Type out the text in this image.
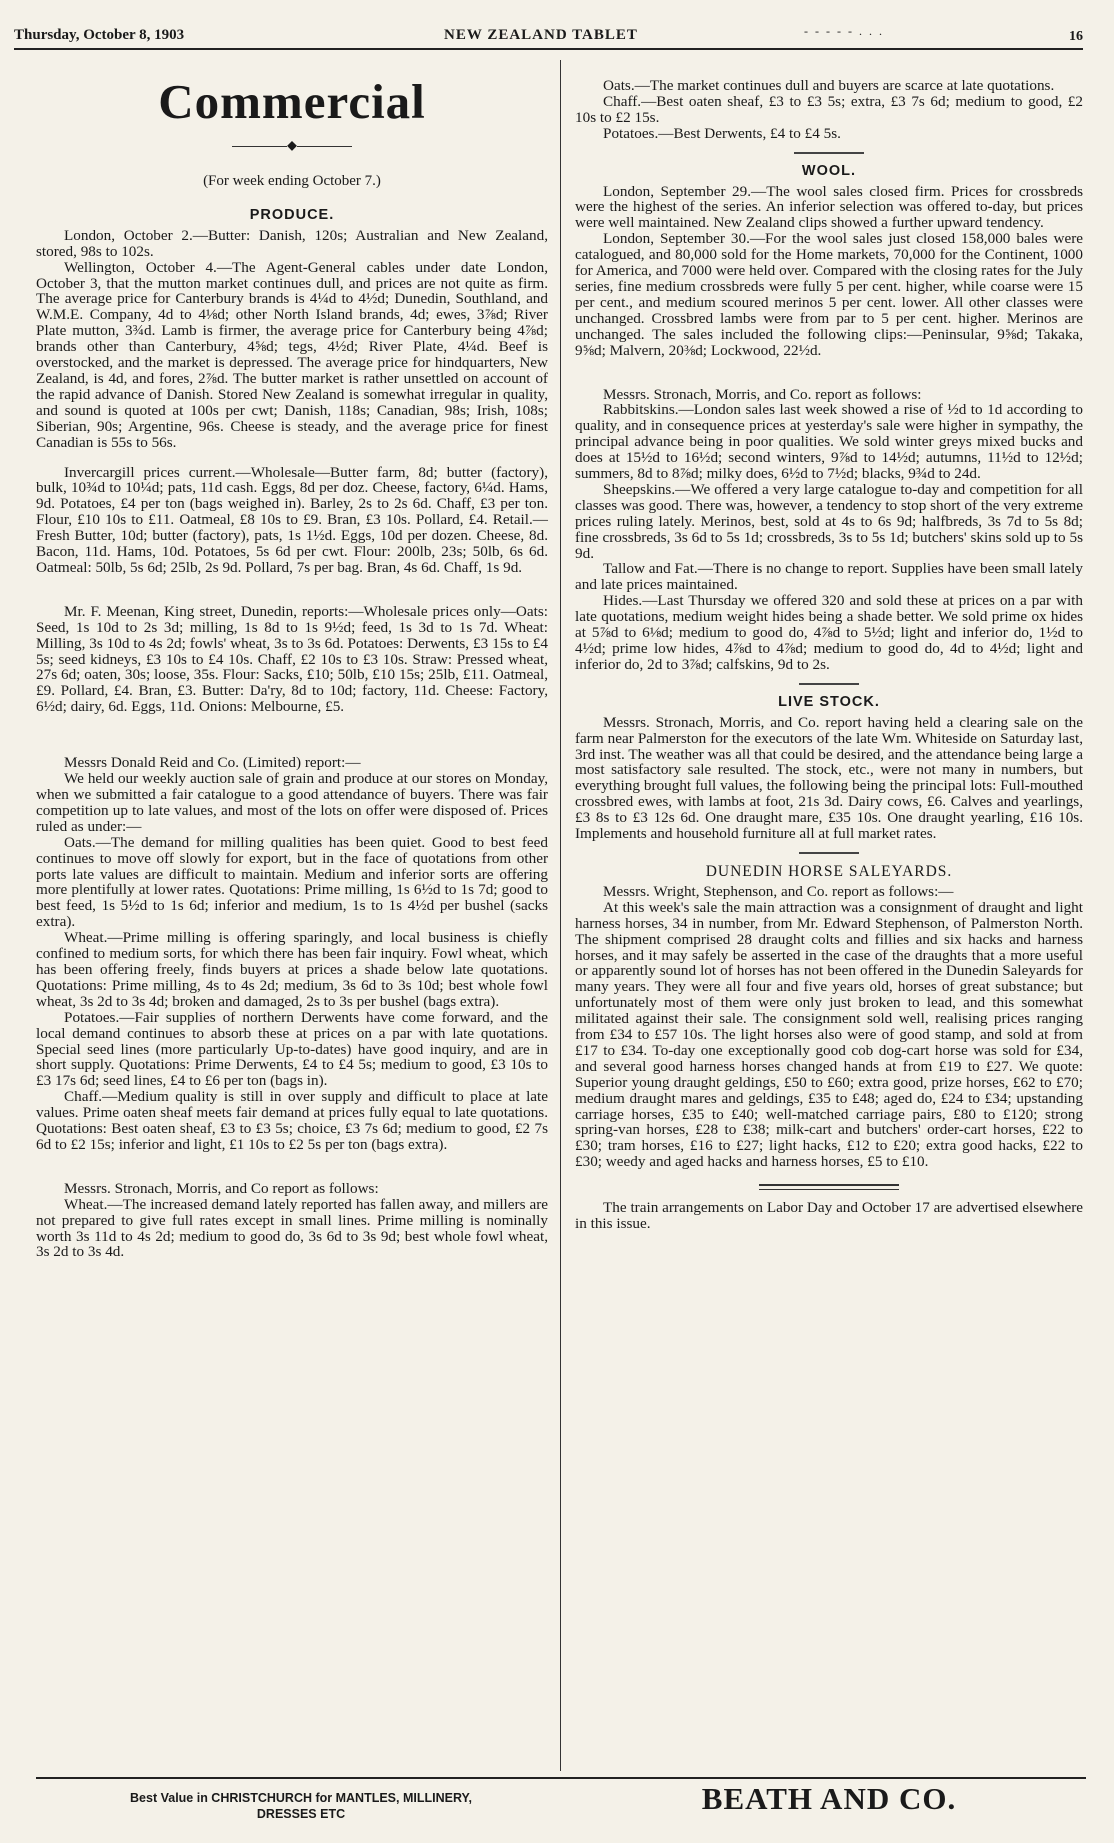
Thursday, October 8, 1903	NEW ZEALAND TABLET	- - - - - . . .	16
Commercial
◆
(For week ending October 7.)
PRODUCE.

London, October 2.—Butter: Danish, 120s; Australian and New Zealand, stored, 98s to 102s.

Wellington, October 4.—The Agent-General cables under date London, October 3, that the mutton market continues dull, and prices are not quite as firm. The average price for Canterbury brands is 4¼d to 4½d; Dunedin, Southland, and W.M.E. Company, 4d to 4⅛d; other North Island brands, 4d; ewes, 3⅞d; River Plate mutton, 3¾d. Lamb is firmer, the average price for Canterbury being 4⅞d; brands other than Canterbury, 4⅝d; tegs, 4½d; River Plate, 4¼d. Beef is overstocked, and the market is depressed. The average price for hindquarters, New Zealand, is 4d, and fores, 2⅞d. The butter market is rather unsettled on account of the rapid advance of Danish. Stored New Zealand is somewhat irregular in quality, and sound is quoted at 100s per cwt; Danish, 118s; Canadian, 98s; Irish, 108s; Siberian, 90s; Argentine, 96s. Cheese is steady, and the average price for finest Canadian is 55s to 56s.

Invercargill prices current.—Wholesale—Butter farm, 8d; butter (factory), bulk, 10¾d to 10¼d; pats, 11d cash. Eggs, 8d per doz. Cheese, factory, 6¼d. Hams, 9d. Potatoes, £4 per ton (bags weighed in). Barley, 2s to 2s 6d. Chaff, £3 per ton. Flour, £10 10s to £11. Oatmeal, £8 10s to £9. Bran, £3 10s. Pollard, £4. Retail.—Fresh Butter, 10d; butter (factory), pats, 1s 1½d. Eggs, 10d per dozen. Cheese, 8d. Bacon, 11d. Hams, 10d. Potatoes, 5s 6d per cwt. Flour: 200lb, 23s; 50lb, 6s 6d. Oatmeal: 50lb, 5s 6d; 25lb, 2s 9d. Pollard, 7s per bag. Bran, 4s 6d. Chaff, 1s 9d.

Mr. F. Meenan, King street, Dunedin, reports:—Wholesale prices only—Oats: Seed, 1s 10d to 2s 3d; milling, 1s 8d to 1s 9½d; feed, 1s 3d to 1s 7d. Wheat: Milling, 3s 10d to 4s 2d; fowls' wheat, 3s to 3s 6d. Potatoes: Derwents, £3 15s to £4 5s; seed kidneys, £3 10s to £4 10s. Chaff, £2 10s to £3 10s. Straw: Pressed wheat, 27s 6d; oaten, 30s; loose, 35s. Flour: Sacks, £10; 50lb, £10 15s; 25lb, £11. Oatmeal, £9. Pollard, £4. Bran, £3. Butter: Da'ry, 8d to 10d; factory, 11d. Cheese: Factory, 6½d; dairy, 6d. Eggs, 11d. Onions: Melbourne, £5.

Messrs Donald Reid and Co. (Limited) report:—

We held our weekly auction sale of grain and produce at our stores on Monday, when we submitted a fair catalogue to a good attendance of buyers. There was fair competition up to late values, and most of the lots on offer were disposed of. Prices ruled as under:—

Oats.—The demand for milling qualities has been quiet. Good to best feed continues to move off slowly for export, but in the face of quotations from other ports late values are difficult to maintain. Medium and inferior sorts are offering more plentifully at lower rates. Quotations: Prime milling, 1s 6½d to 1s 7d; good to best feed, 1s 5½d to 1s 6d; inferior and medium, 1s to 1s 4½d per bushel (sacks extra).

Wheat.—Prime milling is offering sparingly, and local business is chiefly confined to medium sorts, for which there has been fair inquiry. Fowl wheat, which has been offering freely, finds buyers at prices a shade below late quotations. Quotations: Prime milling, 4s to 4s 2d; medium, 3s 6d to 3s 10d; best whole fowl wheat, 3s 2d to 3s 4d; broken and damaged, 2s to 3s per bushel (bags extra).

Potatoes.—Fair supplies of northern Derwents have come forward, and the local demand continues to absorb these at prices on a par with late quotations. Special seed lines (more particularly Up-to-dates) have good inquiry, and are in short supply. Quotations: Prime Derwents, £4 to £4 5s; medium to good, £3 10s to £3 17s 6d; seed lines, £4 to £6 per ton (bags in).

Chaff.—Medium quality is still in over supply and difficult to place at late values. Prime oaten sheaf meets fair demand at prices fully equal to late quotations. Quotations: Best oaten sheaf, £3 to £3 5s; choice, £3 7s 6d; medium to good, £2 7s 6d to £2 15s; inferior and light, £1 10s to £2 5s per ton (bags extra).

Messrs. Stronach, Morris, and Co report as follows:

Wheat.—The increased demand lately reported has fallen away, and millers are not prepared to give full rates except in small lines. Prime milling is nominally worth 3s 11d to 4s 2d; medium to good do, 3s 6d to 3s 9d; best whole fowl wheat, 3s 2d to 3s 4d.

Oats.—The market continues dull and buyers are scarce at late quotations.

Chaff.—Best oaten sheaf, £3 to £3 5s; extra, £3 7s 6d; medium to good, £2 10s to £2 15s.

Potatoes.—Best Derwents, £4 to £4 5s.

WOOL.

London, September 29.—The wool sales closed firm. Prices for crossbreds were the highest of the series. An inferior selection was offered to-day, but prices were well maintained. New Zealand clips showed a further upward tendency.

London, September 30.—For the wool sales just closed 158,000 bales were catalogued, and 80,000 sold for the Home markets, 70,000 for the Continent, 1000 for America, and 7000 were held over. Compared with the closing rates for the July series, fine medium crossbreds were fully 5 per cent. higher, while coarse were 15 per cent., and medium scoured merinos 5 per cent. lower. All other classes were unchanged. Crossbred lambs were from par to 5 per cent. higher. Merinos are unchanged. The sales included the following clips:—Peninsular, 9⅝d; Takaka, 9⅝d; Malvern, 20⅜d; Lockwood, 22½d.

Messrs. Stronach, Morris, and Co. report as follows:

Rabbitskins.—London sales last week showed a rise of ½d to 1d according to quality, and in consequence prices at yesterday's sale were higher in sympathy, the principal advance being in poor qualities. We sold winter greys mixed bucks and does at 15½d to 16½d; second winters, 9⅞d to 14½d; autumns, 11½d to 12½d; summers, 8d to 8⅞d; milky does, 6½d to 7½d; blacks, 9¾d to 24d.

Sheepskins.—We offered a very large catalogue to-day and competition for all classes was good. There was, however, a tendency to stop short of the very extreme prices ruling lately. Merinos, best, sold at 4s to 6s 9d; halfbreds, 3s 7d to 5s 8d; fine crossbreds, 3s 6d to 5s 1d; crossbreds, 3s to 5s 1d; butchers' skins sold up to 5s 9d.

Tallow and Fat.—There is no change to report. Supplies have been small lately and late prices maintained.

Hides.—Last Thursday we offered 320 and sold these at prices on a par with late quotations, medium weight hides being a shade better. We sold prime ox hides at 5⅞d to 6⅛d; medium to good do, 4⅞d to 5½d; light and inferior do, 1½d to 4½d; prime low hides, 4⅞d to 4⅞d; medium to good do, 4d to 4½d; light and inferior do, 2d to 3⅞d; calfskins, 9d to 2s.

LIVE STOCK.

Messrs. Stronach, Morris, and Co. report having held a clearing sale on the farm near Palmerston for the executors of the late Wm. Whiteside on Saturday last, 3rd inst. The weather was all that could be desired, and the attendance being large a most satisfactory sale resulted. The stock, etc., were not many in numbers, but everything brought full values, the following being the principal lots: Full-mouthed crossbred ewes, with lambs at foot, 21s 3d. Dairy cows, £6. Calves and yearlings, £3 8s to £3 12s 6d. One draught mare, £35 10s. One draught yearling, £16 10s. Implements and household furniture all at full market rates.

DUNEDIN HORSE SALEYARDS.

Messrs. Wright, Stephenson, and Co. report as follows:—

At this week's sale the main attraction was a consignment of draught and light harness horses, 34 in number, from Mr. Edward Stephenson, of Palmerston North. The shipment comprised 28 draught colts and fillies and six hacks and harness horses, and it may safely be asserted in the case of the draughts that a more useful or apparently sound lot of horses has not been offered in the Dunedin Saleyards for many years. They were all four and five years old, horses of great substance; but unfortunately most of them were only just broken to lead, and this somewhat militated against their sale. The consignment sold well, realising prices ranging from £34 to £57 10s. The light horses also were of good stamp, and sold at from £17 to £34. To-day one exceptionally good cob dog-cart horse was sold for £34, and several good harness horses changed hands at from £19 to £27. We quote: Superior young draught geldings, £50 to £60; extra good, prize horses, £62 to £70; medium draught mares and geldings, £35 to £48; aged do, £24 to £34; upstanding carriage horses, £35 to £40; well-matched carriage pairs, £80 to £120; strong spring-van horses, £28 to £38; milk-cart and butchers' order-cart horses, £22 to £30; tram horses, £16 to £27; light hacks, £12 to £20; extra good hacks, £22 to £30; weedy and aged hacks and harness horses, £5 to £10.

The train arrangements on Labor Day and October 17 are advertised elsewhere in this issue.

Best Value in CHRISTCHURCH for MANTLES, MILLINERY,
DRESSES ETC	BEATH AND CO.
